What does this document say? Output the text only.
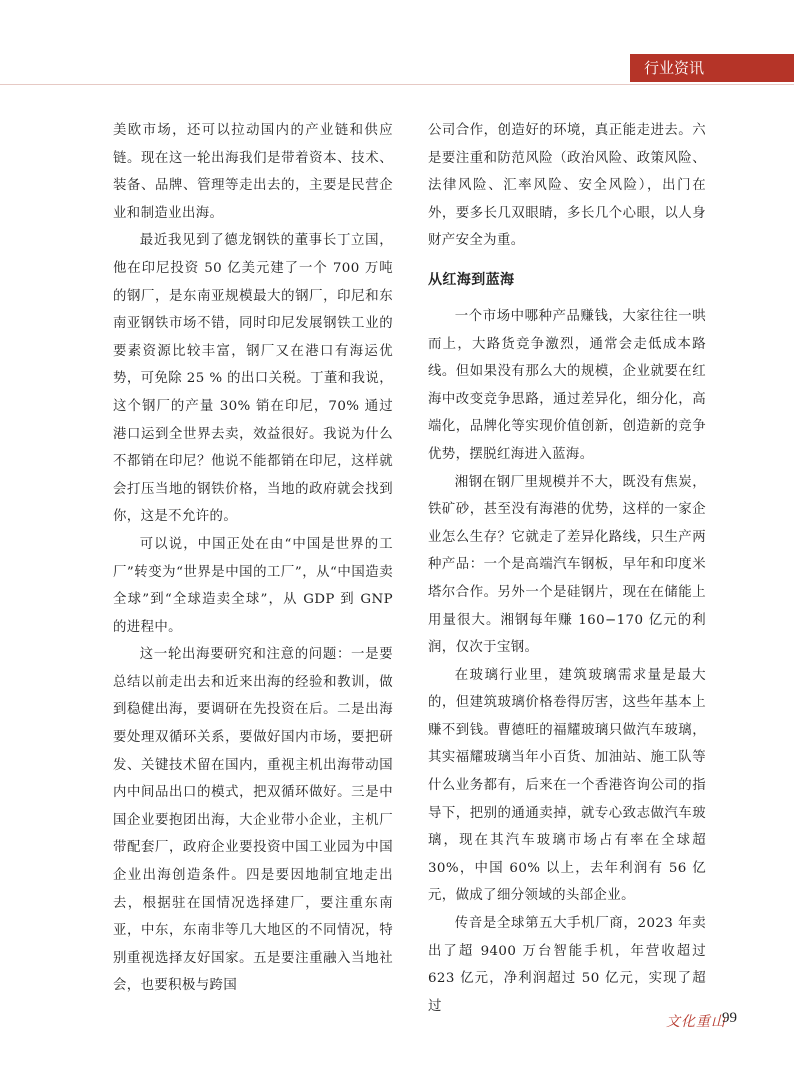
行业资讯

美欧市场，还可以拉动国内的产业链和供应链。现在这一轮出海我们是带着资本、技术、装备、品牌、管理等走出去的，主要是民营企业和制造业出海。

最近我见到了德龙钢铁的董事长丁立国，他在印尼投资 50 亿美元建了一个 700 万吨的钢厂，是东南亚规模最大的钢厂，印尼和东南亚钢铁市场不错，同时印尼发展钢铁工业的要素资源比较丰富，钢厂又在港口有海运优势，可免除 25 % 的出口关税。丁董和我说，这个钢厂的产量 30% 销在印尼，70% 通过港口运到全世界去卖，效益很好。我说为什么不都销在印尼？他说不能都销在印尼，这样就会打压当地的钢铁价格，当地的政府就会找到你，这是不允许的。

可以说，中国正处在由“中国是世界的工厂”转变为“世界是中国的工厂”，从“中国造卖全球”到“全球造卖全球”，从 GDP 到 GNP 的进程中。

这一轮出海要研究和注意的问题：一是要总结以前走出去和近来出海的经验和教训，做到稳健出海，要调研在先投资在后。二是出海要处理双循环关系，要做好国内市场，要把研发、关键技术留在国内，重视主机出海带动国内中间品出口的模式，把双循环做好。三是中国企业要抱团出海，大企业带小企业，主机厂带配套厂，政府企业要投资中国工业园为中国企业出海创造条件。四是要因地制宜地走出去，根据驻在国情况选择建厂，要注重东南亚，中东，东南非等几大地区的不同情况，特别重视选择友好国家。五是要注重融入当地社会，也要积极与跨国

公司合作，创造好的环境，真正能走进去。六是要注重和防范风险（政治风险、政策风险、法律风险、汇率风险、安全风险），出门在外，要多长几双眼睛，多长几个心眼，以人身财产安全为重。

从红海到蓝海

一个市场中哪种产品赚钱，大家往往一哄而上，大路货竞争激烈，通常会走低成本路线。但如果没有那么大的规模，企业就要在红海中改变竞争思路，通过差异化，细分化，高端化，品牌化等实现价值创新，创造新的竞争优势，摆脱红海进入蓝海。

湘钢在钢厂里规模并不大，既没有焦炭，铁矿砂，甚至没有海港的优势，这样的一家企业怎么生存？它就走了差异化路线，只生产两种产品：一个是高端汽车钢板，早年和印度米塔尔合作。另外一个是硅钢片，现在在储能上用量很大。湘钢每年赚 160−170 亿元的利润，仅次于宝钢。

在玻璃行业里，建筑玻璃需求量是最大的，但建筑玻璃价格卷得厉害，这些年基本上赚不到钱。曹德旺的福耀玻璃只做汽车玻璃，其实福耀玻璃当年小百货、加油站、施工队等什么业务都有，后来在一个香港咨询公司的指导下，把别的通通卖掉，就专心致志做汽车玻璃，现在其汽车玻璃市场占有率在全球超 30%，中国 60% 以上，去年利润有 56 亿元，做成了细分领域的头部企业。

传音是全球第五大手机厂商，2023 年卖出了超 9400 万台智能手机，年营收超过 623 亿元，净利润超过 50 亿元，实现了超过

文化重山
99
